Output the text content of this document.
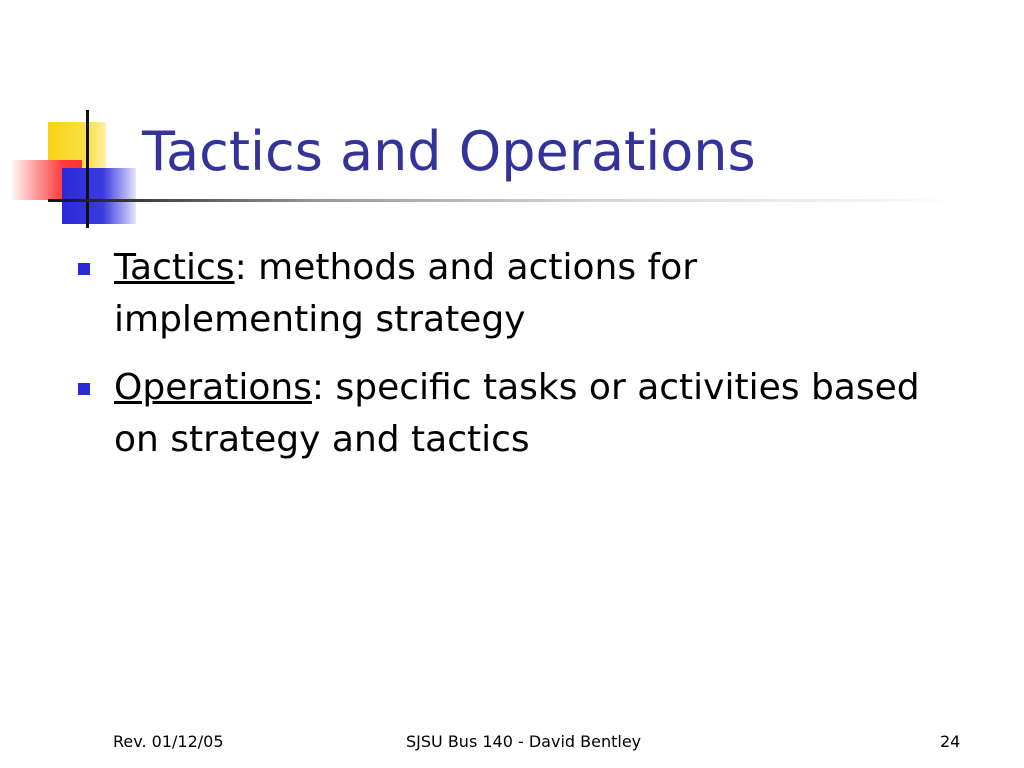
Tactics and Operations
Tactics: methods and actions for implementing strategy
Operations: specific tasks or activities based on strategy and tactics
Rev. 01/12/05	SJSU Bus 140 - David Bentley	24
